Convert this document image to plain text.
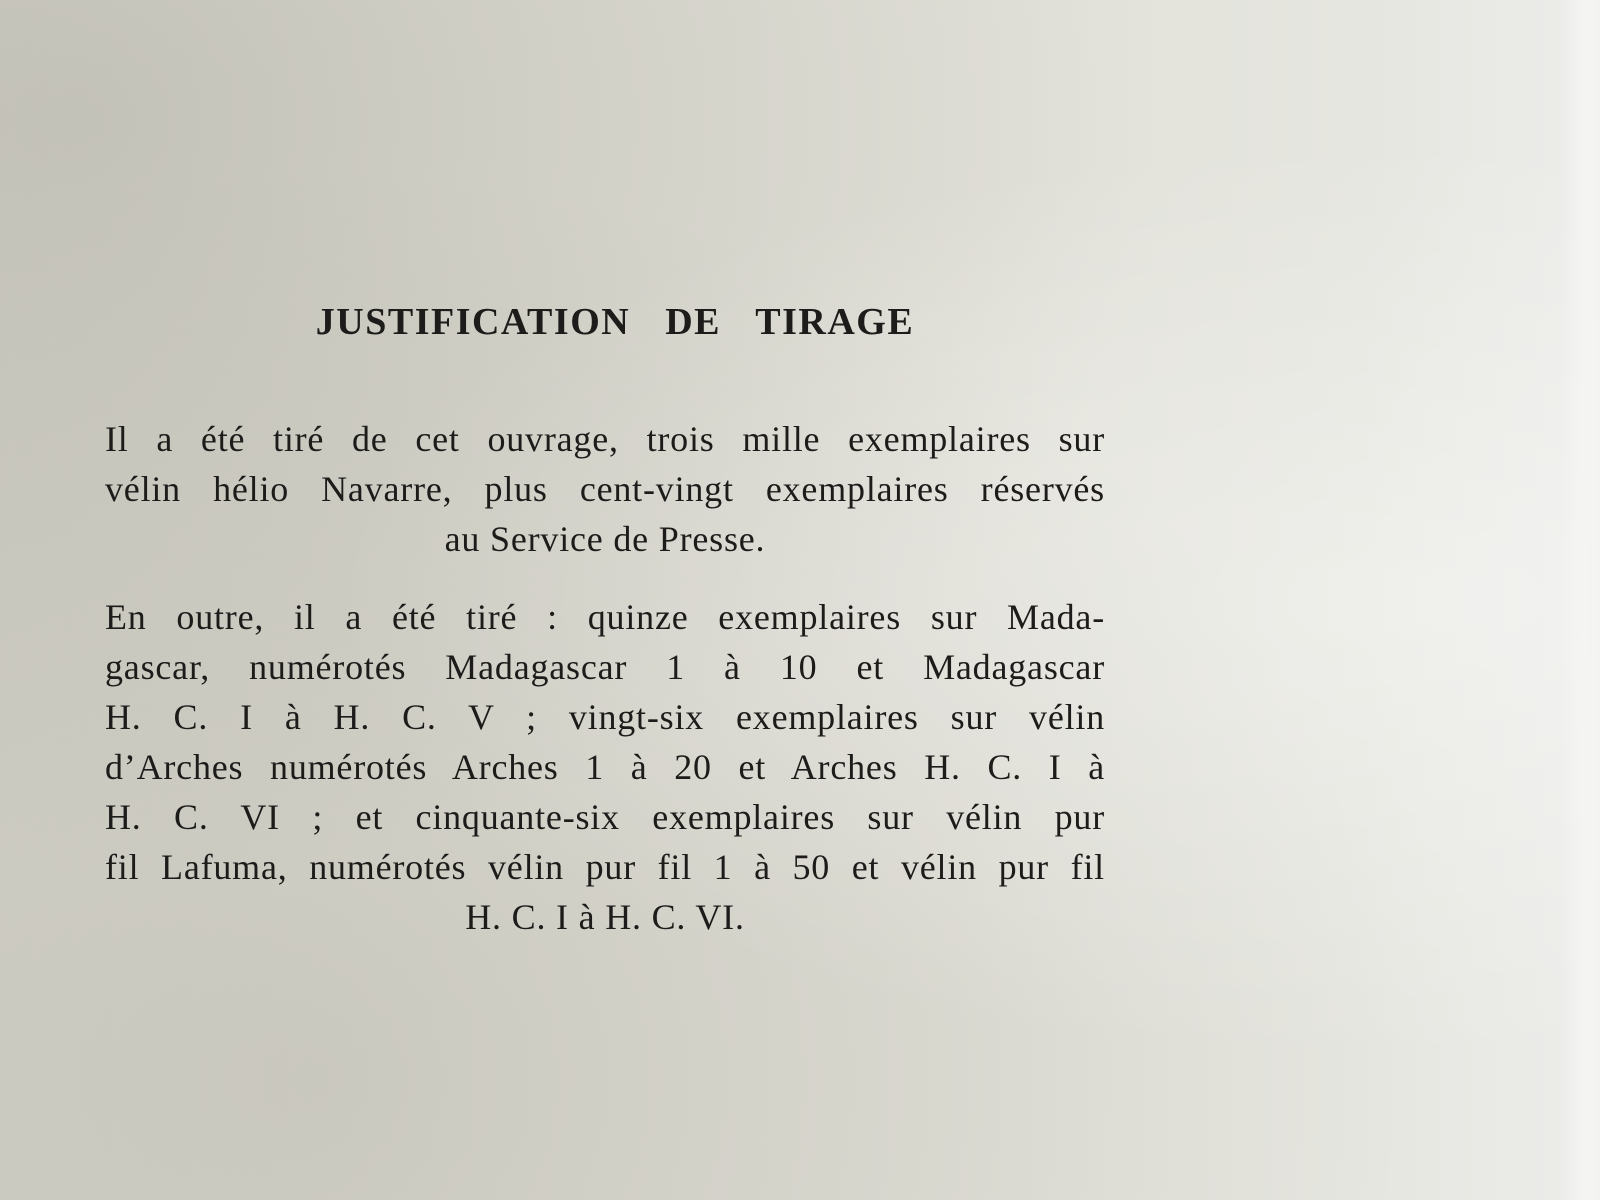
JUSTIFICATION DE TIRAGE
Il a été tiré de cet ouvrage, trois mille exemplaires sur
vélin hélio Navarre, plus cent-vingt exemplaires réservés
au Service de Presse.
En outre, il a été tiré : quinze exemplaires sur Mada-
gascar, numérotés Madagascar 1 à 10 et Madagascar
H. C. I à H. C. V ; vingt-six exemplaires sur vélin
d’Arches numérotés Arches 1 à 20 et Arches H. C. I à
H. C. VI ; et cinquante-six exemplaires sur vélin pur
fil Lafuma, numérotés vélin pur fil 1 à 50 et vélin pur fil
H. C. I à H. C. VI.
